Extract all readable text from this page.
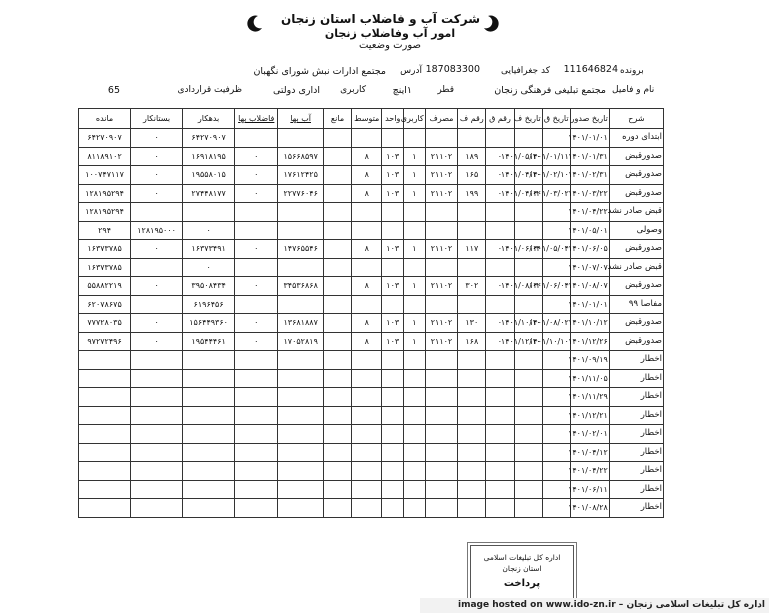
شرکت آب و فاضلاب استان زنجان
امور آب وفاضلاب زنجان
صورت وضعیت
برونده
111646824
کد جغرافیایی
187083300
آدرس
مجتمع ادارات نبش شورای نگهبان
نام و فامیل
مجتمع تبلیغی فرهنگی زنجان
قطر
۱اینچ
کاربری
اداری دولتی
ظرفیت قراردادی
65
شرح	تاریخ صدور	تاریخ ق	تاریخ ف	رقم ق	رقم ف	مصرف	کاربری	واحد	متوسط	مانع	آب بها	فاضلاب بها	بدهکار	بستانکار	مانده
ابتدای دوره	۱۴۰۱/۰۱/۰۱												۶۴۲۷۰۹۰۷	۰	۶۴۲۷۰۹۰۷
صدورقبض	۱۴۰۱/۰۱/۳۱	۱۴۰۱/۰۱/۱۱	۱۴۰۱/۰۵/۱۰	۰	۱۸۹	۲۱۱۰۲	۱	۱۰۳	۸		۱۵۶۶۸۵۹۷	۰	۱۶۹۱۸۱۹۵	۰	۸۱۱۸۹۱۰۲
صدورقبض	۱۴۰۱/۰۲/۳۱	۱۴۰۱/۰۲/۱۰	۱۴۰۱/۰۴/۱۰	۰	۱۶۵	۲۱۱۰۲	۱	۱۰۳	۸		۱۷۶۱۲۴۲۵	۰	۱۹۵۵۸۰۱۵	۰	۱۰۰۷۴۷۱۱۷
صدورقبض	۱۴۰۱/۰۳/۲۲	۱۴۰۱/۰۳/۰۲	۱۴۰۱/۰۴/۰۲	۰	۱۹۹	۲۱۱۰۲	۱	۱۰۳	۸		۲۲۷۷۶۰۴۶	۰	۲۷۴۴۸۱۷۷	۰	۱۲۸۱۹۵۲۹۴
قبض صادر نشد	۱۴۰۱/۰۴/۲۲														۱۲۸۱۹۵۲۹۴
وصولی	۱۴۰۱/۰۵/۰۱												۰	۱۲۸۱۹۵۰۰۰	۲۹۴
صدورقبض	۱۴۰۱/۰۶/۰۵	۱۴۰۱/۰۵/۰۴	۱۴۰۱/۰۶/۰۴	۰	۱۱۷	۲۱۱۰۲	۱	۱۰۳	۸		۱۴۷۶۵۵۴۶	۰	۱۶۳۷۳۴۹۱	۰	۱۶۳۷۳۷۸۵
قبض صادر نشد	۱۴۰۱/۰۷/۰۷												۰		۱۶۳۷۳۷۸۵
صدورقبض	۱۴۰۱/۰۸/۰۷	۱۴۰۱/۰۶/۰۴	۱۴۰۱/۰۸/۰۲	۰	۳۰۲	۲۱۱۰۲	۱	۱۰۳	۸		۳۴۵۳۶۸۶۸	۰	۳۹۵۰۸۴۳۴	۰	۵۵۸۸۲۲۱۹
مفاصا ۹۹	۱۴۰۱/۰۱/۰۱												۶۱۹۶۴۵۶		۶۲۰۷۸۶۷۵
صدورقبض	۱۴۰۱/۱۰/۱۲	۱۴۰۱/۰۸/۰۲	۱۴۰۱/۱۰/۱۰	۰	۱۳۰	۲۱۱۰۲	۱	۱۰۳	۸		۱۳۶۸۱۸۸۷	۰	۱۵۶۴۴۹۳۶۰	۰	۷۷۷۲۸۰۳۵
صدورقبض	۱۴۰۱/۱۲/۲۶	۱۴۰۱/۱۰/۱۰	۱۴۰۱/۱۲/۱۰	۰	۱۶۸	۲۱۱۰۲	۱	۱۰۳	۸		۱۷۰۵۲۸۱۹	۰	۱۹۵۴۴۴۶۱	۰	۹۷۲۷۲۴۹۶
اخطار	۱۴۰۱/۰۹/۱۹														
اخطار	۱۴۰۱/۱۱/۰۵														
اخطار	۱۴۰۱/۱۱/۲۹														
اخطار	۱۴۰۱/۱۲/۲۱														
اخطار	۱۴۰۱/۰۲/۰۱														
اخطار	۱۴۰۱/۰۴/۱۲														
اخطار	۱۴۰۱/۰۴/۲۲														
اخطار	۱۴۰۱/۰۶/۱۱														
اخطار	۱۴۰۱/۰۸/۲۸														
اداره کل تبلیغات اسلامی استان زنجان
پرداخت
image hosted on www.ido-zn.ir – اداره کل تبلیغات اسلامی زنجان
